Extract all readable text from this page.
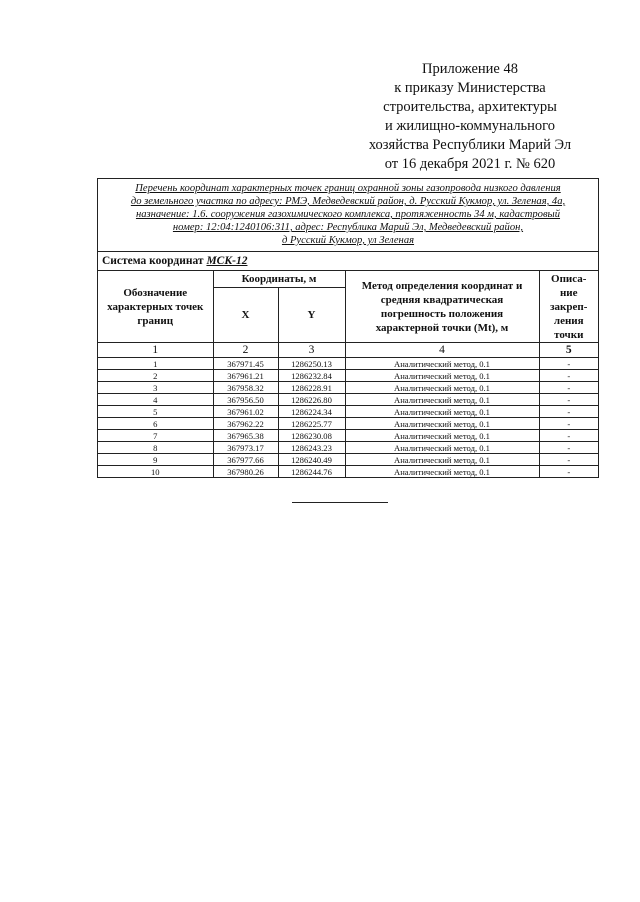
Приложение 48
к приказу Министерства
строительства, архитектуры
и жилищно-коммунального
хозяйства Республики Марий Эл
от 16 декабря 2021 г. № 620
Перечень координат характерных точек границ охранной зоны газопровода низкого давления
до земельного участка по адресу: РМЭ, Медведевский район, д. Русский Кукмор, ул. Зеленая, 4а,
назначение: 1.6. сооружения газохимического комплекса, протяженность 34 м, кадастровый
номер: 12:04:1240106:311, адрес: Республика Марий Эл, Медведевский район,
д Русский Кукмор, ул Зеленая
Система координат МСК-12
Обозначение характерных точек границ	Координаты, м		Метод определения координат и средняя квадратическая погрешность положения характерной точки (Mt), м	Описа-ние закреп-ления точки
	X	Y		
1	2	3	4	5
1	367971.45	1286250.13	Аналитический метод, 0.1	-
2	367961.21	1286232.84	Аналитический метод, 0.1	-
3	367958.32	1286228.91	Аналитический метод, 0.1	-
4	367956.50	1286226.80	Аналитический метод, 0.1	-
5	367961.02	1286224.34	Аналитический метод, 0.1	-
6	367962.22	1286225.77	Аналитический метод, 0.1	-
7	367965.38	1286230.08	Аналитический метод, 0.1	-
8	367973.17	1286243.23	Аналитический метод, 0.1	-
9	367977.66	1286240.49	Аналитический метод, 0.1	-
10	367980.26	1286244.76	Аналитический метод, 0.1	-
